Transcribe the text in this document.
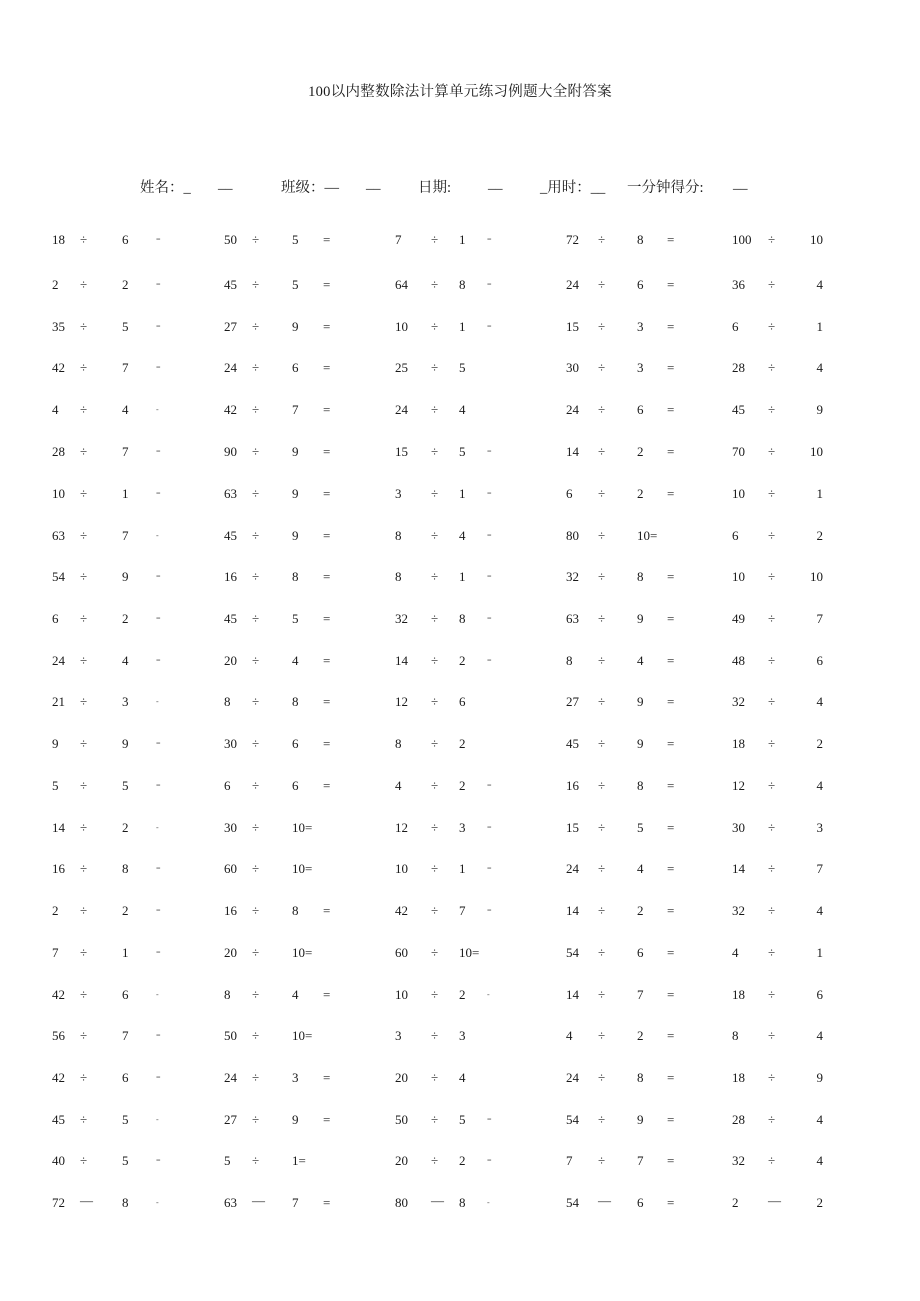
100以内整数除法计算单元练习例题大全附答案
姓名：_ __	班级：— __	日期:	__	_用时：__ 一分钟得分: __
18 ÷	6	=	50 ÷	5 =	7 ÷ 1	=	72 ÷ 8 =	100 ÷	10
2 ÷	2	=	45 ÷	5 =	64 ÷ 8	=	24 ÷ 6 =	36 ÷	4
35 ÷	5	=	27 ÷	9 =	10 ÷ 1	=	15 ÷ 3 =	6 ÷	1
42 ÷	7	=	24 ÷	6 =	25 ÷ 5	30 ÷ 3 =	28 ÷	4
4 ÷	4	-	42 ÷	7 =	24 ÷ 4	24 ÷ 6 =	45 ÷	9
28 ÷	7	=	90 ÷	9 =	15 ÷ 5	=	14 ÷ 2 =	70 ÷	10
10 ÷	1	=	63 ÷	9 =	3 ÷ 1	=	6 ÷ 2 =	10 ÷	1
63 ÷	7	-	45 ÷	9 =	8 ÷ 4	=	80 ÷ 10=	6 ÷	2
54 ÷	9	=	16 ÷	8 =	8 ÷ 1	=	32 ÷ 8 =	10 ÷	10
6 ÷	2	=	45 ÷	5 =	32 ÷ 8	=	63 ÷ 9 =	49 ÷	7
24 ÷	4	=	20 ÷	4 =	14 ÷ 2	=	8 ÷ 4 =	48 ÷	6
21 ÷	3	-	8 ÷	8 =	12 ÷ 6	27 ÷ 9 =	32 ÷	4
9 ÷	9	=	30 ÷	6 =	8 ÷ 2	45 ÷ 9 =	18 ÷	2
5 ÷	5	=	6 ÷	6 =	4 ÷ 2	=	16 ÷ 8 =	12 ÷	4
14 ÷	2	-	30 ÷	10=	12 ÷ 3	=	15 ÷ 5 =	30 ÷	3
16 ÷	8	=	60 ÷	10=	10 ÷ 1	=	24 ÷ 4 =	14 ÷	7
2 ÷	2	=	16 ÷	8 =	42 ÷ 7	=	14 ÷ 2 =	32 ÷	4
7 ÷	1	=	20 ÷	10=	60 ÷ 10=	54 ÷ 6 =	4 ÷	1
42 ÷	6	-	8 ÷	4 =	10 ÷ 2	-	14 ÷ 7 =	18 ÷	6
56 ÷	7	=	50 ÷	10=	3 ÷ 3	4 ÷ 2 =	8 ÷	4
42 ÷	6	=	24 ÷	3 =	20 ÷ 4	24 ÷ 8 =	18 ÷	9
45 ÷	5	-	27 ÷	9 =	50 ÷ 5	=	54 ÷ 9 =	28 ÷	4
40 ÷	5	=	5 ÷	1=	20 ÷ 2	=	7 ÷ 7 =	32 ÷	4
72 — 8	-	63 — 7 =	80 — 8	-	54 — 6 =	2 —	2
